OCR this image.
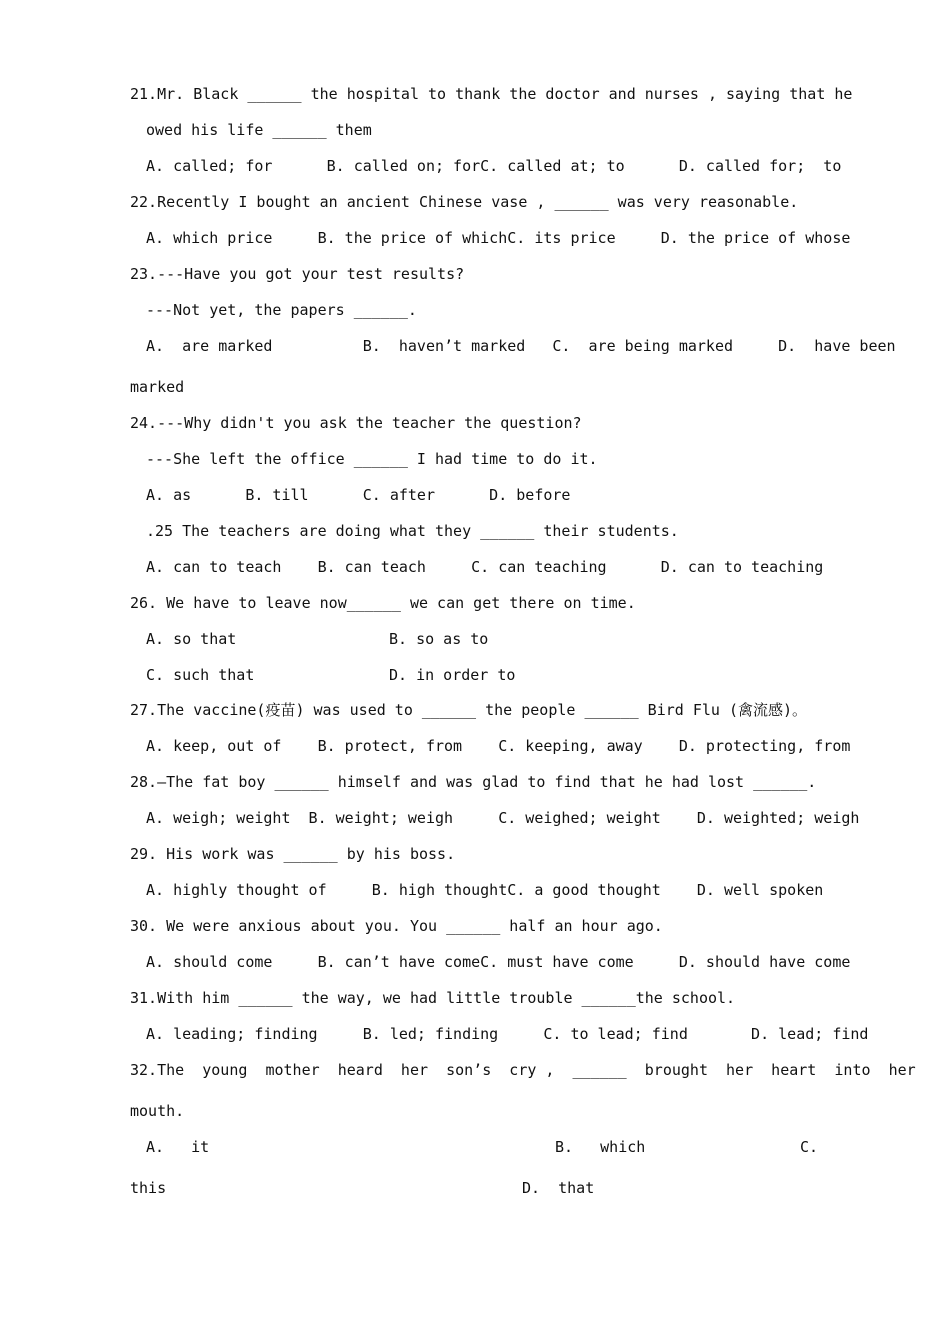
21.Mr. Black ______ the hospital to thank the doctor and nurses , saying that he
owed his life ______ them
A. called; for      B. called on; forC. called at; to      D. called for;  to
22.Recently I bought an ancient Chinese vase , ______ was very reasonable.
A. which price     B. the price of whichC. its price     D. the price of whose
23.---Have you got your test results?
---Not yet, the papers ______.
A.  are marked          B.  haven’t marked   C.  are being marked     D.  have been
marked
24.---Why didn't you ask the teacher the question?
---She left the office ______ I had time to do it.
A. as      B. till      C. after      D. before
.25 The teachers are doing what they ______ their students.
A. can to teach    B. can teach     C. can teaching      D. can to teaching
26. We have to leave now______ we can get there on time.
A. so that	B. so as to
C. such that	D. in order to
27.The vaccine(疫苗) was used to ______ the people ______ Bird Flu (禽流感)。
A. keep, out of    B. protect, from    C. keeping, away    D. protecting, from
28.—The fat boy ______ himself and was glad to find that he had lost ______.
A. weigh; weight  B. weight; weigh     C. weighed; weight    D. weighted; weigh
29. His work was ______ by his boss.
A. highly thought of     B. high thoughtC. a good thought    D. well spoken
30. We were anxious about you. You ______ half an hour ago.
A. should come     B. can’t have comeC. must have come     D. should have come
31.With him ______ the way, we had little trouble ______the school.
A. leading; finding     B. led; finding     C. to lead; find       D. lead; find
32.The  young  mother  heard  her  son’s  cry ,  ______  brought  her  heart  into  her
mouth.
A.   it	B.   which	C.
this	D.  that
